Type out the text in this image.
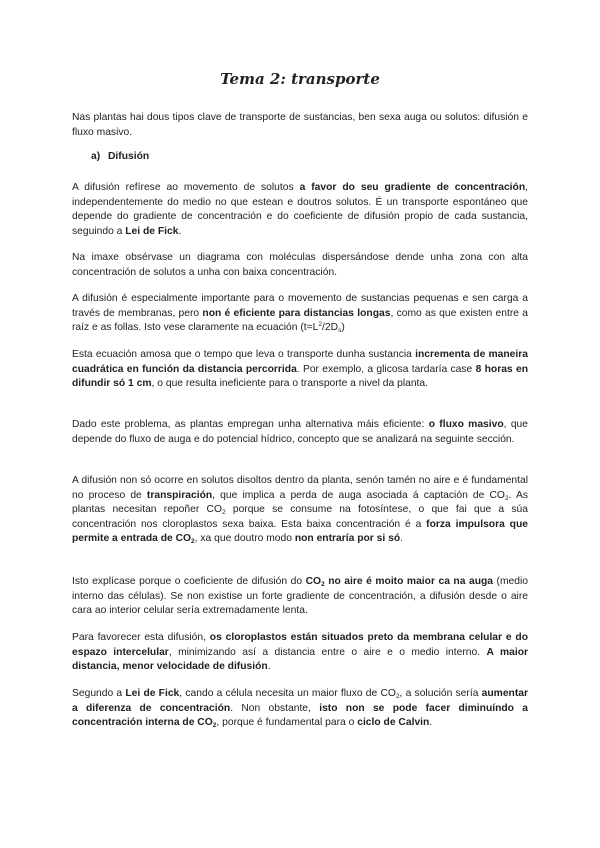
Tema 2: transporte

Nas plantas hai dous tipos clave de transporte de sustancias, ben sexa auga ou solutos: difusión e fluxo masivo.

a) Difusión

A difusión refírese ao movemento de solutos a favor do seu gradiente de concentración, independentemente do medio no que estean e doutros solutos. É un transporte espontáneo que depende do gradiente de concentración e do coeficiente de difusión propio de cada sustancia, seguindo a Lei de Fick.

Na imaxe obsérvase un diagrama con moléculas dispersándose dende unha zona con alta concentración de solutos a unha con baixa concentración.

A difusión é especialmente importante para o movemento de sustancias pequenas e sen carga a través de membranas, pero non é eficiente para distancias longas, como as que existen entre a raíz e as follas. Isto vese claramente na ecuación $(t=L^2/2D_s)$

Esta ecuación amosa que o tempo que leva o transporte dunha sustancia incrementa de maneira cuadrática en función da distancia percorrida. Por exemplo, a glicosa tardaría case 8 horas en difundir só 1 cm, o que resulta ineficiente para o transporte a nivel da planta.

Dado este problema, as plantas empregan unha alternativa máis eficiente: o fluxo masivo, que depende do fluxo de auga e do potencial hídrico, concepto que se analizará na seguinte sección.

A difusión non só ocorre en solutos disoltos dentro da planta, senón tamén no aire e é fundamental no proceso de transpiración, que implica a perda de auga asociada á captación de $CO_2$. As plantas necesitan repoñer $CO_2$ porque se consume na fotosíntese, o que fai que a súa concentración nos cloroplastos sexa baixa. Esta baixa concentración é a forza impulsora que permite a entrada de $CO_2$, xa que doutro modo non entraría por si só.

Isto explícase porque o coeficiente de difusión do $CO_2$ no aire é moito maior ca na auga (medio interno das células). Se non existise un forte gradiente de concentración, a difusión desde o aire cara ao interior celular sería extremadamente lenta.

Para favorecer esta difusión, os cloroplastos están situados preto da membrana celular e do espazo intercelular, minimizando así a distancia entre o aire e o medio interno. A maior distancia, menor velocidade de difusión.

Segundo a Lei de Fick, cando a célula necesita un maior fluxo de $CO_2$, a solución sería aumentar a diferenza de concentración. Non obstante, isto non se pode facer diminuíndo a concentración interna de $CO_2$, porque é fundamental para o ciclo de Calvin.
